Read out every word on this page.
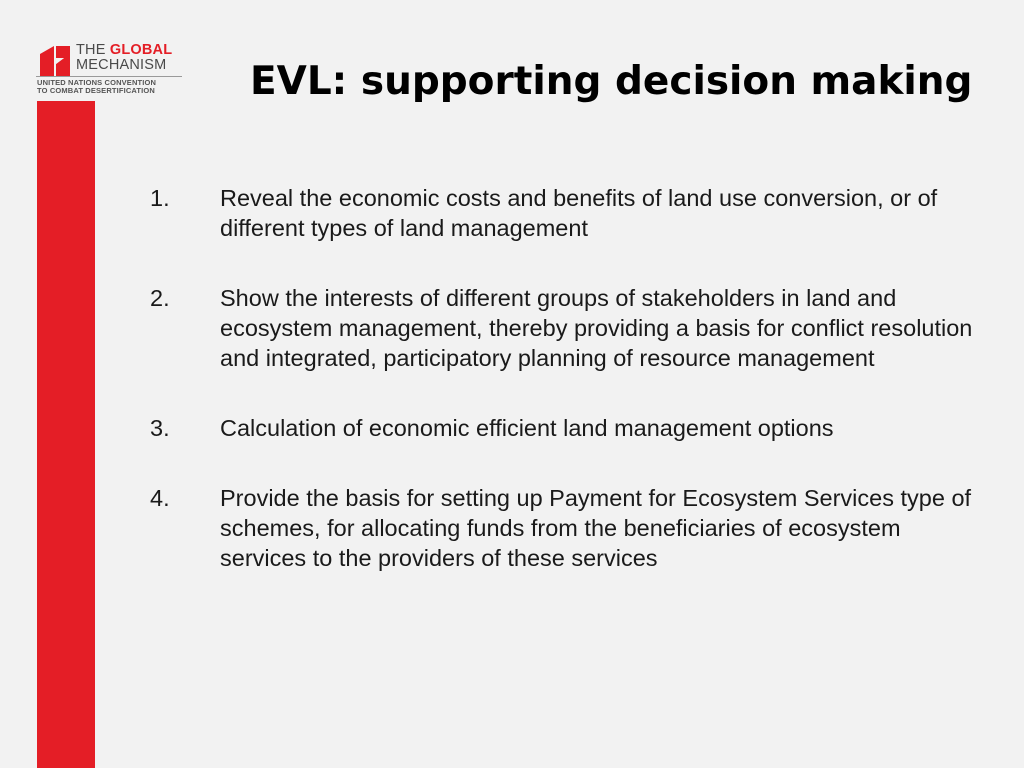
THE GLOBAL
MECHANISM
UNITED NATIONS CONVENTION
TO COMBAT DESERTIFICATION EVL: supporting decision making
1. Reveal the economic costs and benefits of land use conversion, or of different types of land management
2. Show the interests of different groups of stakeholders in land and ecosystem management, thereby providing a basis for conflict resolution and integrated, participatory planning of resource management
3. Calculation of economic efficient land management options
4. Provide the basis for setting up Payment for Ecosystem Services type of schemes, for allocating funds from the beneficiaries of ecosystem services to the providers of these services
